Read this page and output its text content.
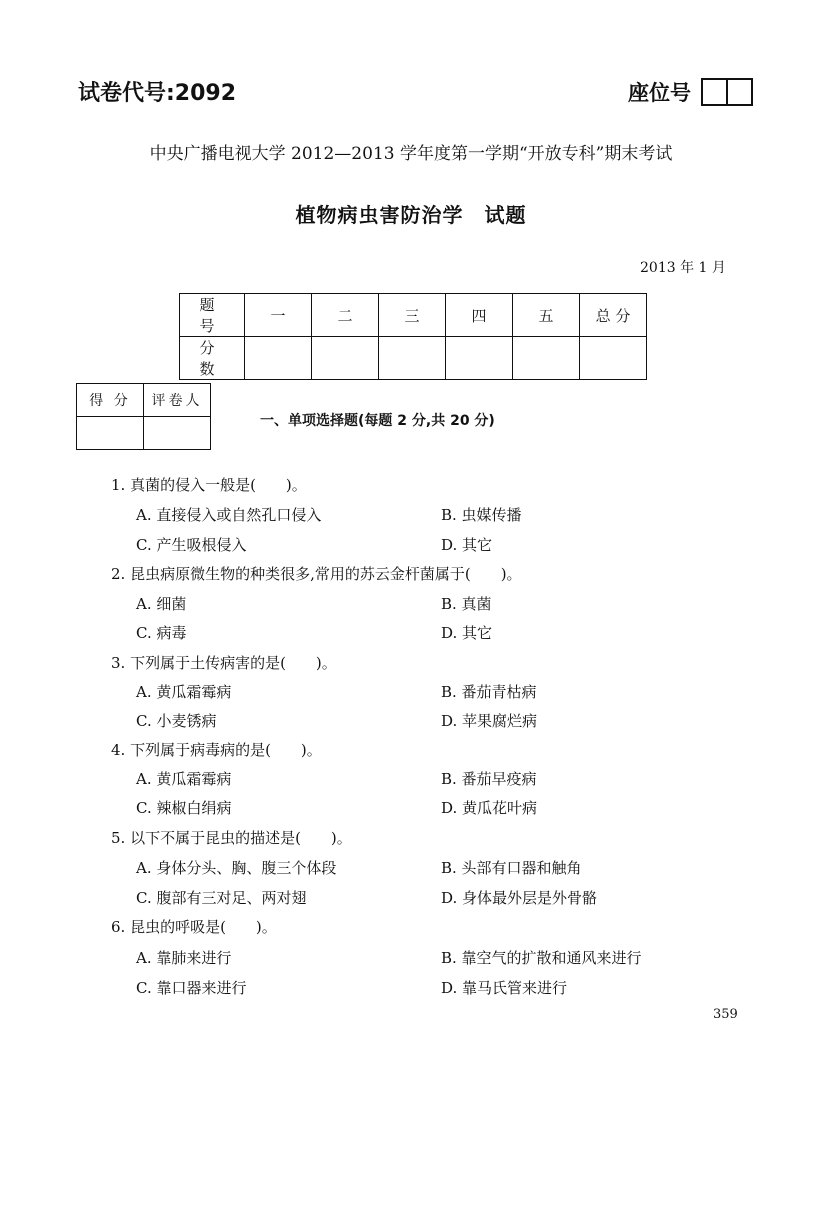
试卷代号:2092	座位号
中央广播电视大学 2012—2013 学年度第一学期“开放专科”期末考试
植物病虫害防治学　试题
2013 年 1 月
题 号	一	二	三	四	五	总 分
分 数						
得 分	评卷人

一、单项选择题(每题 2 分,共 20 分)
1. 真菌的侵入一般是(　　)。
A. 直接侵入或自然孔口侵入	B. 虫媒传播
C. 产生吸根侵入	D. 其它
2. 昆虫病原微生物的种类很多,常用的苏云金杆菌属于(　　)。
A. 细菌	B. 真菌
C. 病毒	D. 其它
3. 下列属于土传病害的是(　　)。
A. 黄瓜霜霉病	B. 番茄青枯病
C. 小麦锈病	D. 苹果腐烂病
4. 下列属于病毒病的是(　　)。
A. 黄瓜霜霉病	B. 番茄早疫病
C. 辣椒白绢病	D. 黄瓜花叶病
5. 以下不属于昆虫的描述是(　　)。
A. 身体分头、胸、腹三个体段	B. 头部有口器和触角
C. 腹部有三对足、两对翅	D. 身体最外层是外骨骼
6. 昆虫的呼吸是(　　)。
A. 靠肺来进行	B. 靠空气的扩散和通风来进行
C. 靠口器来进行	D. 靠马氏管来进行
359
